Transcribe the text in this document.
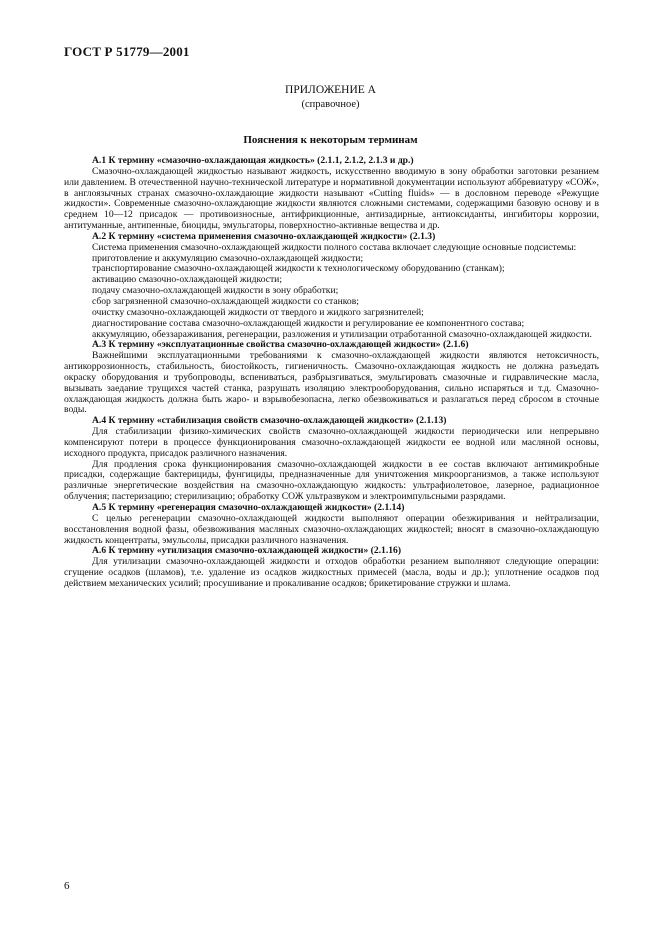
ГОСТ Р 51779—2001
ПРИЛОЖЕНИЕ А
(справочное)
Пояснения к некоторым терминам
А.1 К термину «смазочно-охлаждающая жидкость» (2.1.1, 2.1.2, 2.1.3 и др.)

Смазочно-охлаждающей жидкостью называют жидкость, искусственно вводимую в зону обработки заготовки резанием или давлением. В отечественной научно-технической литературе и нормативной документации используют аббревиатуру «СОЖ», в англоязычных странах смазочно-охлаждающие жидкости называют «Cutting fluids» — в дословном переводе «Режущие жидкости». Современные смазочно-охлаждающие жидкости являются сложными системами, содержащими базовую основу и в среднем 10—12 присадок — противоизносные, антифрикционные, антизадирные, антиоксиданты, ингибиторы коррозии, антитуманные, антипенные, биоциды, эмульгаторы, поверхностно-активные вещества и др.

А.2 К термину «система применения смазочно-охлаждающей жидкости» (2.1.3)

Система применения смазочно-охлаждающей жидкости полного состава включает следующие основные подсистемы:

приготовление и аккумуляцию смазочно-охлаждающей жидкости;

транспортирование смазочно-охлаждающей жидкости к технологическому оборудованию (станкам);

активацию смазочно-охлаждающей жидкости;

подачу смазочно-охлаждающей жидкости в зону обработки;

сбор загрязненной смазочно-охлаждающей жидкости со станков;

очистку смазочно-охлаждающей жидкости от твердого и жидкого загрязнителей;

диагностирование состава смазочно-охлаждающей жидкости и регулирование ее компонентного состава;

аккумуляцию, обеззараживания, регенерации, разложения и утилизации отработанной смазочно-охлаждающей жидкости.

А.3 К термину «эксплуатационные свойства смазочно-охлаждающей жидкости» (2.1.6)

Важнейшими эксплуатационными требованиями к смазочно-охлаждающей жидкости являются нетоксичность, антикоррозионность, стабильность, биостойкость, гигиеничность. Смазочно-охлаждающая жидкость не должна разъедать окраску оборудования и трубопроводы, вспениваться, разбрызгиваться, эмульгировать смазочные и гидравлические масла, вызывать заедание трущихся частей станка, разрушать изоляцию электрооборудования, сильно испаряться и т.д. Смазочно-охлаждающая жидкость должна быть жаро- и взрывобезопасна, легко обезвоживаться и разлагаться перед сбросом в сточные воды.

А.4 К термину «стабилизация свойств смазочно-охлаждающей жидкости» (2.1.13)

Для стабилизации физико-химических свойств смазочно-охлаждающей жидкости периодически или непрерывно компенсируют потери в процессе функционирования смазочно-охлаждающей жидкости ее водной или масляной основы, исходного продукта, присадок различного назначения.

Для продления срока функционирования смазочно-охлаждающей жидкости в ее состав включают антимикробные присадки, содержащие бактерициды, фунгициды, предназначенные для уничтожения микроорганизмов, а также используют различные энергетические воздействия на смазочно-охлаждающую жидкость: ультрафиолетовое, лазерное, радиационное облучения; пастеризацию; стерилизацию; обработку СОЖ ультразвуком и электроимпульсными разрядами.

А.5 К термину «регенерация смазочно-охлаждающей жидкости» (2.1.14)

С целью регенерации смазочно-охлаждающей жидкости выполняют операции обезжиривания и нейтрализации, восстановления водной фазы, обезвоживания масляных смазочно-охлаждающих жидкостей; вносят в смазочно-охлаждающую жидкость концентраты, эмульсолы, присадки различного назначения.

А.6 К термину «утилизация смазочно-охлаждающей жидкости» (2.1.16)

Для утилизации смазочно-охлаждающей жидкости и отходов обработки резанием выполняют следующие операции: сгущение осадков (шламов), т.е. удаление из осадков жидкостных примесей (масла, воды и др.); уплотнение осадков под действием механических усилий; просушивание и прокаливание осадков; брикетирование стружки и шлама.

6
